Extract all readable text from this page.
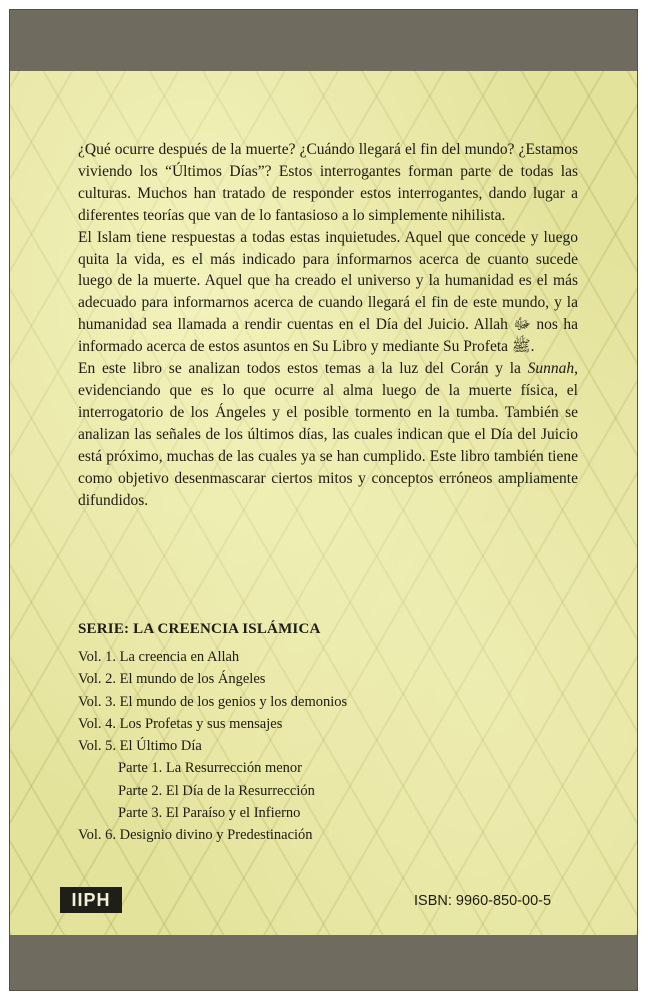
¿Qué ocurre después de la muerte? ¿Cuándo llegará el fin del mundo? ¿Estamos viviendo los “Últimos Días”? Estos interrogantes forman parte de todas las culturas. Muchos han tratado de responder estos interrogantes, dando lugar a diferentes teorías que van de lo fantasioso a lo simplemente nihilista.

El Islam tiene respuestas a todas estas inquietudes. Aquel que concede y luego quita la vida, es el más indicado para informarnos acerca de cuanto sucede luego de la muerte. Aquel que ha creado el universo y la humanidad es el más adecuado para informarnos acerca de cuando llegará el fin de este mundo, y la humanidad sea llamada a rendir cuentas en el Día del Juicio. Allah ﷻ nos ha informado acerca de estos asuntos en Su Libro y mediante Su Profeta ﷺ.

En este libro se analizan todos estos temas a la luz del Corán y la Sunnah, evidenciando que es lo que ocurre al alma luego de la muerte física, el interrogatorio de los Ángeles y el posible tormento en la tumba. También se analizan las señales de los últimos días, las cuales indican que el Día del Juicio está próximo, muchas de las cuales ya se han cumplido. Este libro también tiene como objetivo desenmascarar ciertos mitos y conceptos erróneos ampliamente difundidos.

SERIE: LA CREENCIA ISLÁMICA
Vol. 1. La creencia en Allah
Vol. 2. El mundo de los Ángeles
Vol. 3. El mundo de los genios y los demonios
Vol. 4. Los Profetas y sus mensajes
Vol. 5. El Último Día
Parte 1. La Resurrección menor
Parte 2. El Día de la Resurrección
Parte 3. El Paraíso y el Infierno
Vol. 6. Designio divino y Predestinación
IIPH	ISBN: 9960-850-00-5
